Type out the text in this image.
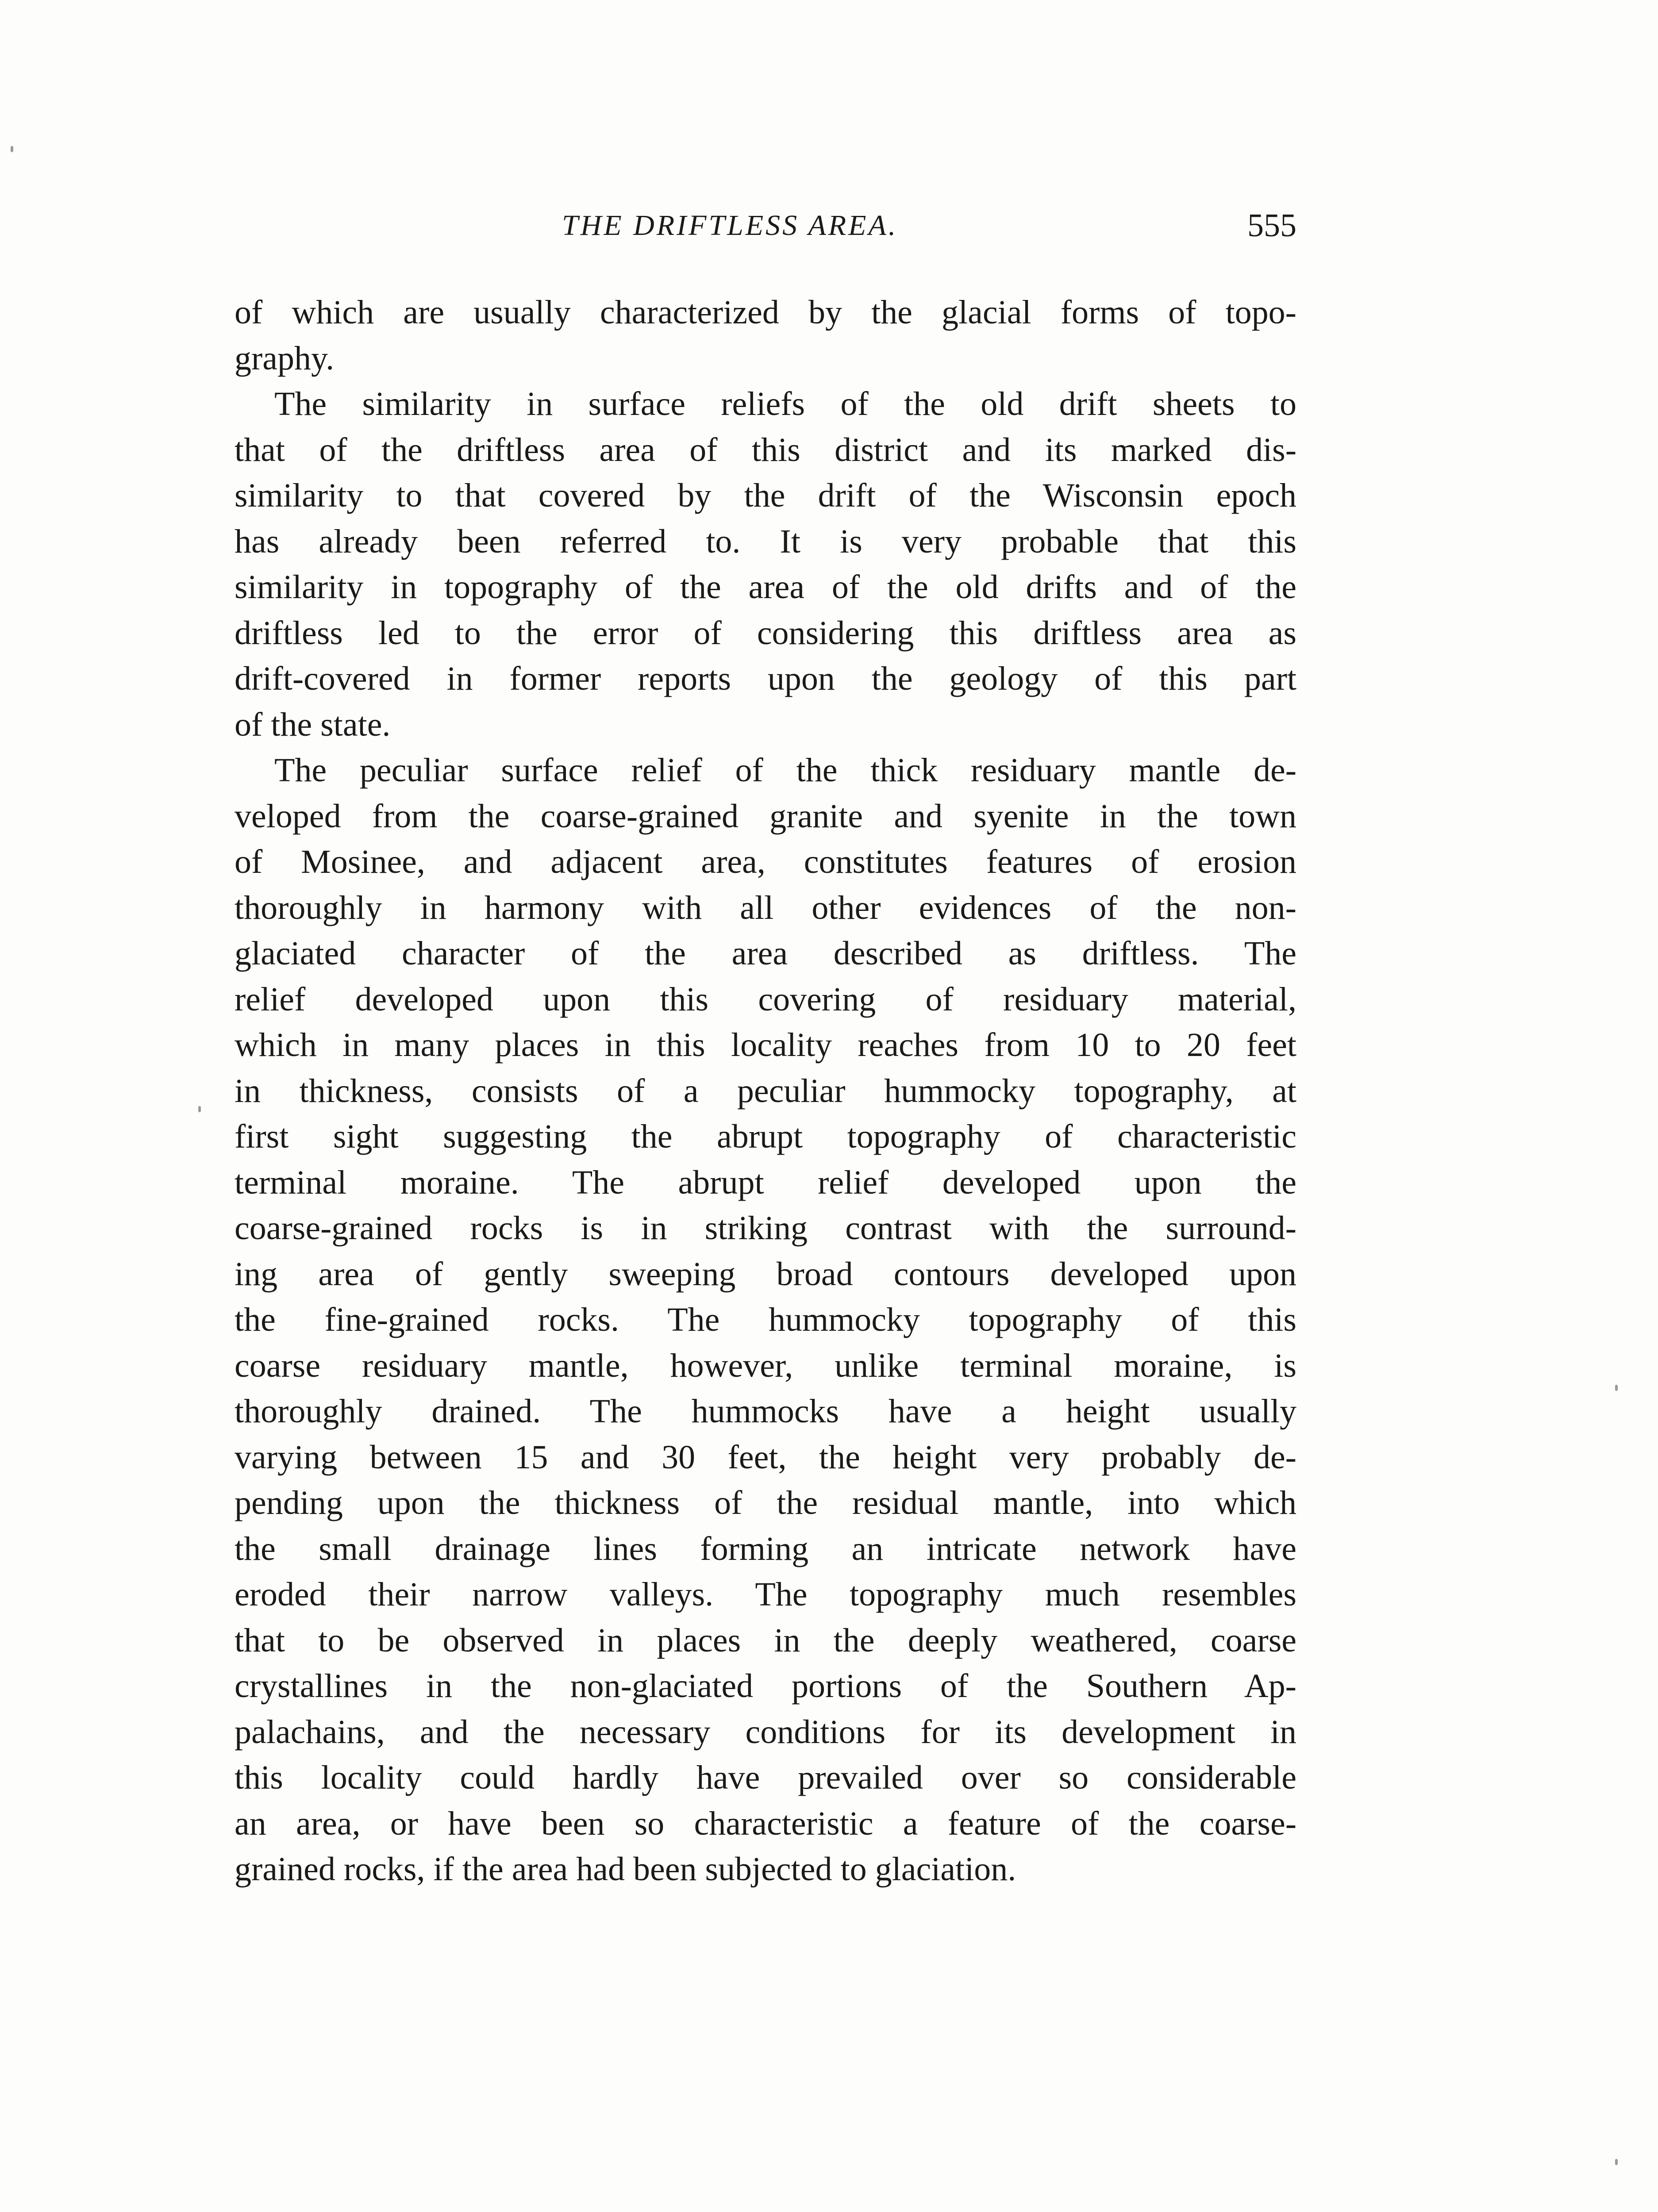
THE DRIFTLESS AREA.	555
of which are usually characterized by the glacial forms of topo-
graphy.
The similarity in surface reliefs of the old drift sheets to
that of the driftless area of this district and its marked dis-
similarity to that covered by the drift of the Wisconsin epoch
has already been referred to. It is very probable that this
similarity in topography of the area of the old drifts and of the
driftless led to the error of considering this driftless area as
drift-covered in former reports upon the geology of this part
of the state.
The peculiar surface relief of the thick residuary mantle de-
veloped from the coarse-grained granite and syenite in the town
of Mosinee, and adjacent area, constitutes features of erosion
thoroughly in harmony with all other evidences of the non-
glaciated character of the area described as driftless. The
relief developed upon this covering of residuary material,
which in many places in this locality reaches from 10 to 20 feet
in thickness, consists of a peculiar hummocky topography, at
first sight suggesting the abrupt topography of characteristic
terminal moraine. The abrupt relief developed upon the
coarse-grained rocks is in striking contrast with the surround-
ing area of gently sweeping broad contours developed upon
the fine-grained rocks. The hummocky topography of this
coarse residuary mantle, however, unlike terminal moraine, is
thoroughly drained. The hummocks have a height usually
varying between 15 and 30 feet, the height very probably de-
pending upon the thickness of the residual mantle, into which
the small drainage lines forming an intricate network have
eroded their narrow valleys. The topography much resembles
that to be observed in places in the deeply weathered, coarse
crystallines in the non-glaciated portions of the Southern Ap-
palachains, and the necessary conditions for its development in
this locality could hardly have prevailed over so considerable
an area, or have been so characteristic a feature of the coarse-
grained rocks, if the area had been subjected to glaciation.
